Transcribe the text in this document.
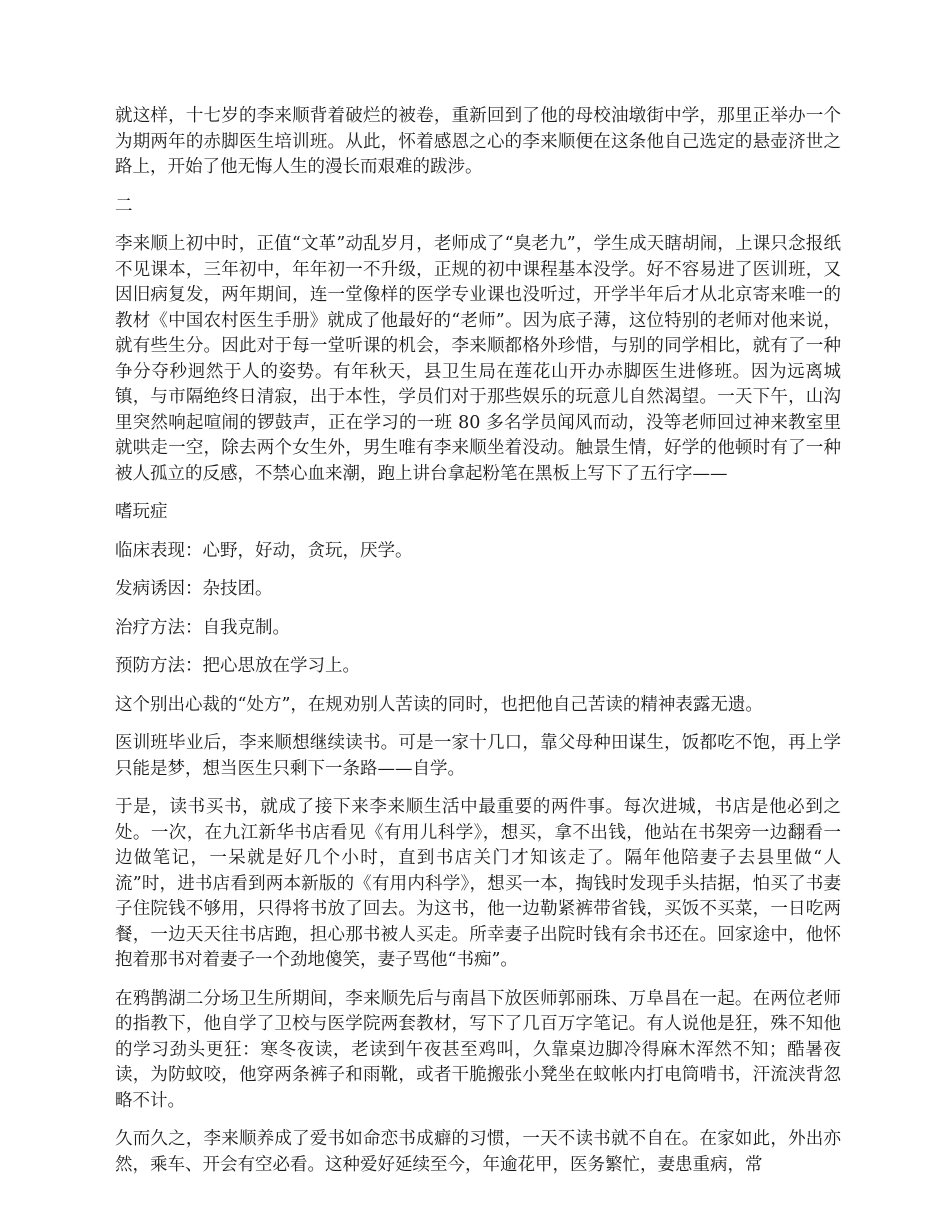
就这样，十七岁的李来顺背着破烂的被卷，重新回到了他的母校油墩街中学，那里正举办一个为期两年的赤脚医生培训班。从此，怀着感恩之心的李来顺便在这条他自己选定的悬壶济世之路上，开始了他无悔人生的漫长而艰难的跋涉。

二

李来顺上初中时，正值“文革”动乱岁月，老师成了“臭老九”，学生成天瞎胡闹，上课只念报纸不见课本，三年初中，年年初一不升级，正规的初中课程基本没学。好不容易进了医训班，又因旧病复发，两年期间，连一堂像样的医学专业课也没听过，开学半年后才从北京寄来唯一的教材《中国农村医生手册》就成了他最好的“老师”。因为底子薄，这位特别的老师对他来说，就有些生分。因此对于每一堂听课的机会，李来顺都格外珍惜，与别的同学相比，就有了一种争分夺秒迥然于人的姿势。有年秋天，县卫生局在莲花山开办赤脚医生进修班。因为远离城镇，与市隔绝终日清寂，出于本性，学员们对于那些娱乐的玩意儿自然渴望。一天下午，山沟里突然响起喧闹的锣鼓声，正在学习的一班 80 多名学员闻风而动，没等老师回过神来教室里就哄走一空，除去两个女生外，男生唯有李来顺坐着没动。触景生情，好学的他顿时有了一种被人孤立的反感，不禁心血来潮，跑上讲台拿起粉笔在黑板上写下了五行字——

嗜玩症

临床表现：心野，好动，贪玩，厌学。

发病诱因：杂技团。

治疗方法：自我克制。

预防方法：把心思放在学习上。

这个别出心裁的“处方”，在规劝别人苦读的同时，也把他自己苦读的精神表露无遗。

医训班毕业后，李来顺想继续读书。可是一家十几口，靠父母种田谋生，饭都吃不饱，再上学只能是梦，想当医生只剩下一条路——自学。

于是，读书买书，就成了接下来李来顺生活中最重要的两件事。每次进城，书店是他必到之处。一次，在九江新华书店看见《有用儿科学》，想买，拿不出钱，他站在书架旁一边翻看一边做笔记，一呆就是好几个小时，直到书店关门才知该走了。隔年他陪妻子去县里做“人流”时，进书店看到两本新版的《有用内科学》，想买一本，掏钱时发现手头拮据，怕买了书妻子住院钱不够用，只得将书放了回去。为这书，他一边勒紧裤带省钱，买饭不买菜，一日吃两餐，一边天天往书店跑，担心那书被人买走。所幸妻子出院时钱有余书还在。回家途中，他怀抱着那书对着妻子一个劲地傻笑，妻子骂他“书痴”。

在鸦鹊湖二分场卫生所期间，李来顺先后与南昌下放医师郭丽珠、万阜昌在一起。在两位老师的指教下，他自学了卫校与医学院两套教材，写下了几百万字笔记。有人说他是狂，殊不知他的学习劲头更狂：寒冬夜读，老读到午夜甚至鸡叫，久靠桌边脚冷得麻木浑然不知；酷暑夜读，为防蚊咬，他穿两条裤子和雨靴，或者干脆搬张小凳坐在蚊帐内打电筒啃书，汗流浃背忽略不计。

久而久之，李来顺养成了爱书如命恋书成癖的习惯，一天不读书就不自在。在家如此，外出亦然，乘车、开会有空必看。这种爱好延续至今，年逾花甲，医务繁忙，妻患重病，常
